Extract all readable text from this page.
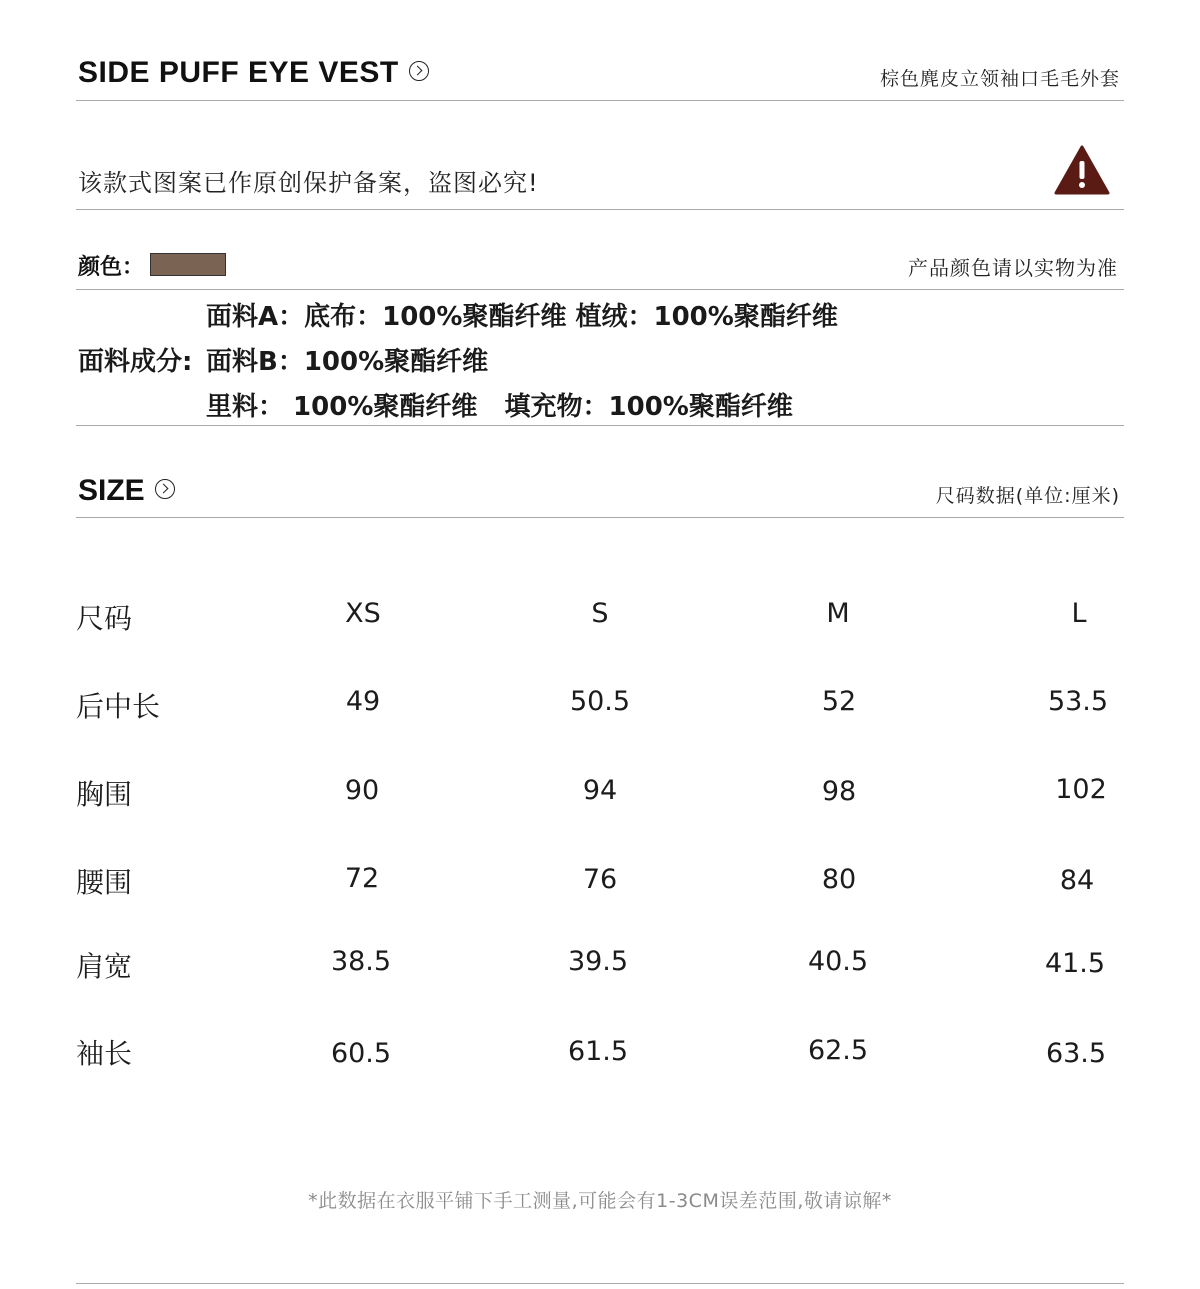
SIDE PUFF EYE VEST	棕色麂皮立领袖口毛毛外套
该款式图案已作原创保护备案，盗图必究!
颜色：	产品颜色请以实物为准
面料A：底布：100%聚酯纤维 植绒：100%聚酯纤维
面料成分: 面料B：100%聚酯纤维
里料： 100%聚酯纤维   填充物：100%聚酯纤维
SIZE	尺码数据(单位:厘米)
尺码	XS	S	M	L
后中长	49	50.5	52	53.5
胸围	90	94	98	102
腰围	72	76	80	84
肩宽	38.5	39.5	40.5	41.5
袖长	60.5	61.5	62.5	63.5
*此数据在衣服平铺下手工测量,可能会有1-3CM误差范围,敬请谅解*
